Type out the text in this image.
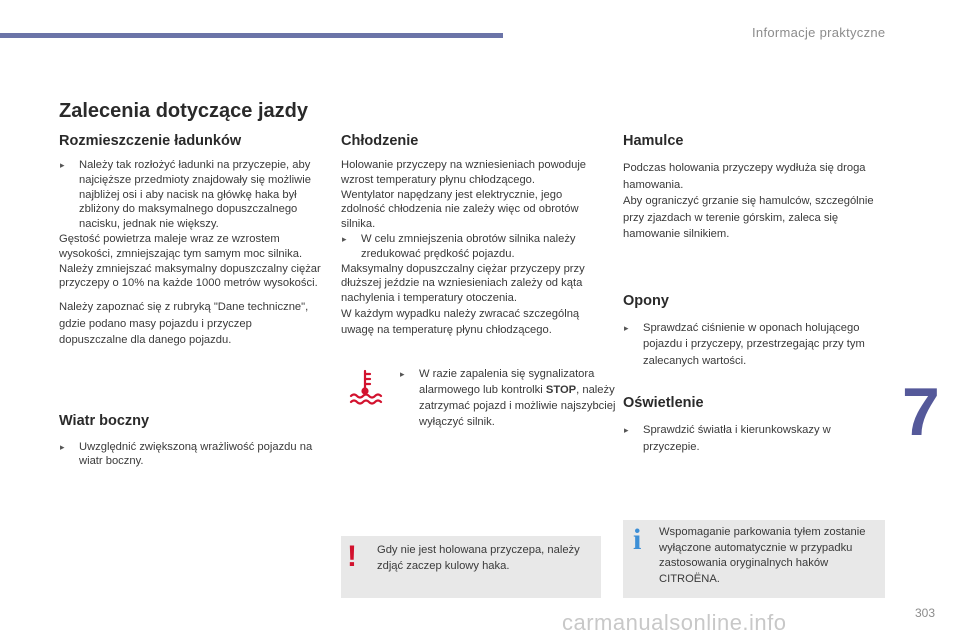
Informacje praktyczne
7
303
Zalecenia dotyczące jazdy
Rozmieszczenie ładunków
▸ Należy tak rozłożyć ładunki na przyczepie, aby najcięższe przedmioty znajdowały się możliwie najbliżej osi i aby nacisk na główkę haka był zbliżony do maksymalnego dopuszczalnego nacisku, jednak nie większy.

Gęstość powietrza maleje wraz ze wzrostem wysokości, zmniejszając tym samym moc silnika. Należy zmniejszać maksymalny dopuszczalny ciężar przyczepy o 10% na każde 1000 metrów wysokości.

Należy zapoznać się z rubryką "Dane techniczne", gdzie podano masy pojazdu i przyczep dopuszczalne dla danego pojazdu.

Wiatr boczny
▸ Uwzględnić zwiększoną wrażliwość pojazdu na wiatr boczny.
Chłodzenie

Holowanie przyczepy na wzniesieniach powoduje wzrost temperatury płynu chłodzącego.

Wentylator napędzany jest elektrycznie, jego zdolność chłodzenia nie zależy więc od obrotów silnika.

▸ W celu zmniejszenia obrotów silnika należy zredukować prędkość pojazdu.

Maksymalny dopuszczalny ciężar przyczepy przy dłuższej jeździe na wzniesieniach zależy od kąta nachylenia i temperatury otoczenia.

W każdym wypadku należy zwracać szczególną uwagę na temperaturę płynu chłodzącego.

▸ W razie zapalenia się sygnalizatora alarmowego lub kontrolki STOP, należy zatrzymać pojazd i możliwie najszybciej wyłączyć silnik.
Hamulce

Podczas holowania przyczepy wydłuża się droga hamowania.

Aby ograniczyć grzanie się hamulców, szczególnie przy zjazdach w terenie górskim, zaleca się hamowanie silnikiem.

Opony
▸ Sprawdzać ciśnienie w oponach holującego pojazdu i przyczepy, przestrzegając przy tym zalecanych wartości.
Oświetlenie
▸ Sprawdzić światła i kierunkowskazy w przyczepie.
! Gdy nie jest holowana przyczepa, należy zdjąć zaczep kulowy haka.
i Wspomaganie parkowania tyłem zostanie wyłączone automatycznie w przypadku zastosowania oryginalnych haków CITROËNA.
carmanualsonline.info
